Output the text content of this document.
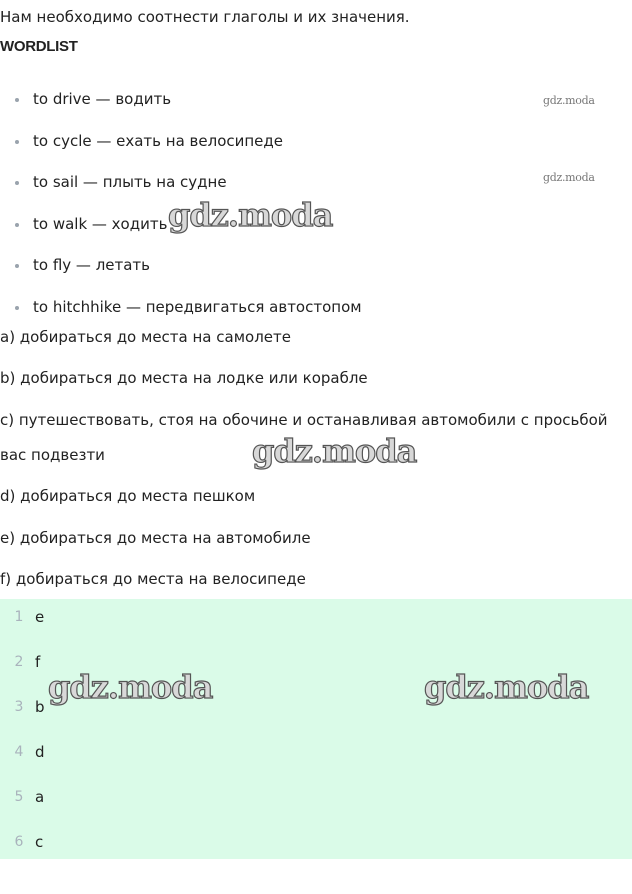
Нам необходимо соотнести глаголы и их значения.

WORDLIST
to drive — водить
to cycle — ехать на велосипеде
to sail — плыть на судне
to walk — ходить
to fly — летать
to hitchhike — передвигаться автостопом
a) добираться до места на самолете
b) добираться до места на лодке или корабле
c) путешествовать, стоя на обочине и останавливая автомобили с просьбой вас подвезти
d) добираться до места пешком
e) добираться до места на автомобиле
f) добираться до места на велосипеде
1 e
2 f
3 b
4 d
5 a
6 c
gdz.moda
gdz.moda
gdz.moda
gdz.moda
gdz.moda	gdz.moda
